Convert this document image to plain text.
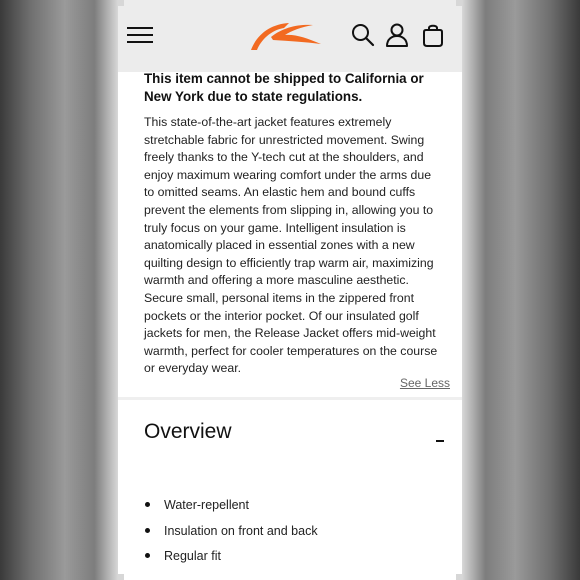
This item cannot be shipped to California or New York due to state regulations.

This state-of-the-art jacket features extremely stretchable fabric for unrestricted movement. Swing freely thanks to the Y-tech cut at the shoulders, and enjoy maximum wearing comfort under the arms due to omitted seams. An elastic hem and bound cuffs prevent the elements from slipping in, allowing you to truly focus on your game. Intelligent insulation is anatomically placed in essential zones with a new quilting design to efficiently trap warm air, maximizing warmth and offering a more masculine aesthetic. Secure small, personal items in the zippered front pockets or the interior pocket. Of our insulated golf jackets for men, the Release Jacket offers mid-weight warmth, perfect for cooler temperatures on the course or everyday wear.

See Less
Overview
Water-repellent
Insulation on front and back
Regular fit
